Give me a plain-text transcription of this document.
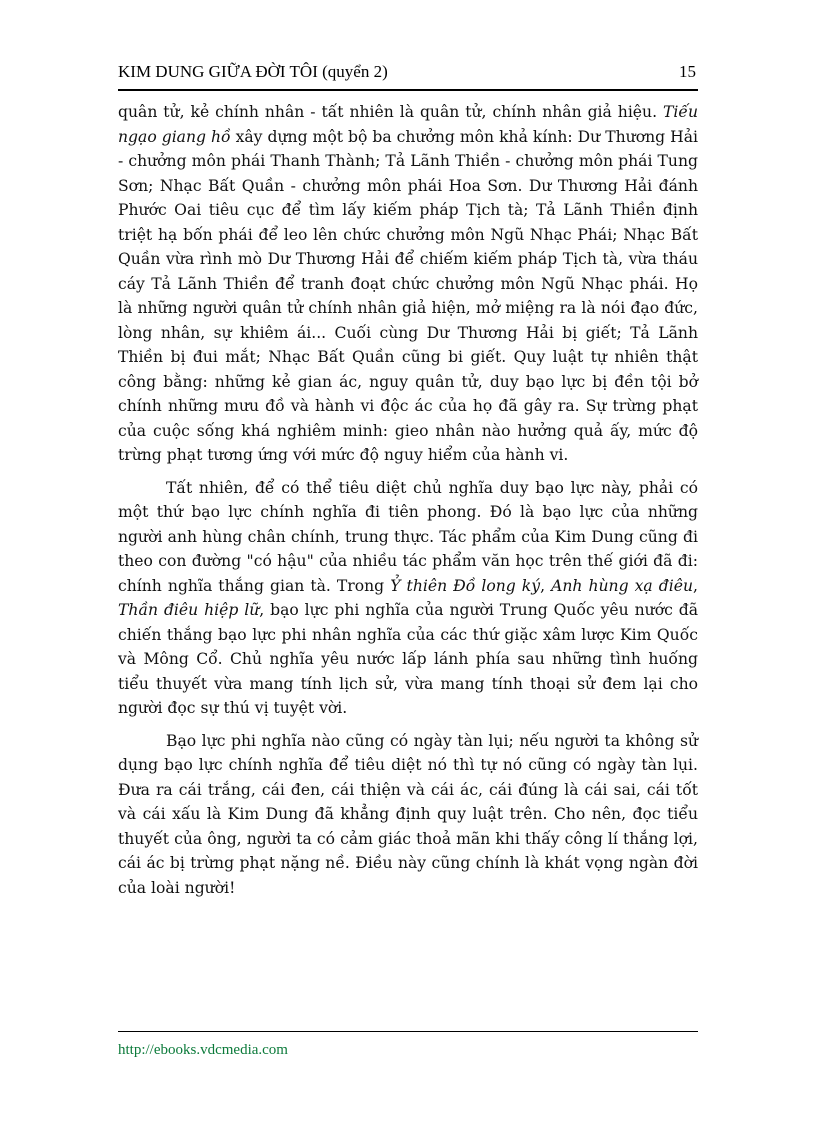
KIM DUNG GIỮA ĐỜI TÔI (quyển 2)	15

quân tử, kẻ chính nhân - tất nhiên là quân tử, chính nhân giả hiệu. Tiếu ngạo giang hồ xây dựng một bộ ba chưởng môn khả kính: Dư Thương Hải - chưởng môn phái Thanh Thành; Tả Lãnh Thiền - chưởng môn phái Tung Sơn; Nhạc Bất Quần - chưởng môn phái Hoa Sơn. Dư Thương Hải đánh Phước Oai tiêu cục để tìm lấy kiếm pháp Tịch tà; Tả Lãnh Thiền định triệt hạ bốn phái để leo lên chức chưởng môn Ngũ Nhạc Phái; Nhạc Bất Quần vừa rình mò Dư Thương Hải để chiếm kiếm pháp Tịch tà, vừa tháu cáy Tả Lãnh Thiền để tranh đoạt chức chưởng môn Ngũ Nhạc phái. Họ là những người quân tử chính nhân giả hiện, mở miệng ra là nói đạo đức, lòng nhân, sự khiêm ái... Cuối cùng Dư Thương Hải bị giết; Tả Lãnh Thiền bị đui mắt; Nhạc Bất Quần cũng bi giết. Quy luật tự nhiên thật công bằng: những kẻ gian ác, nguy quân tử, duy bạo lực bị đền tội bở chính những mưu đồ và hành vi độc ác của họ đã gây ra. Sự trừng phạt của cuộc sống khá nghiêm minh: gieo nhân nào hưởng quả ấy, mức độ trừng phạt tương ứng với mức độ nguy hiểm của hành vi.

Tất nhiên, để có thể tiêu diệt chủ nghĩa duy bạo lực này, phải có một thứ bạo lực chính nghĩa đi tiên phong. Đó là bạo lực của những người anh hùng chân chính, trung thực. Tác phẩm của Kim Dung cũng đi theo con đường "có hậu" của nhiều tác phẩm văn học trên thế giới đã đi: chính nghĩa thắng gian tà. Trong Ỷ thiên Đồ long ký, Anh hùng xạ điêu, Thần điêu hiệp lữ, bạo lực phi nghĩa của người Trung Quốc yêu nước đã chiến thắng bạo lực phi nhân nghĩa của các thứ giặc xâm lược Kim Quốc và Mông Cổ. Chủ nghĩa yêu nước lấp lánh phía sau những tình huống tiểu thuyết vừa mang tính lịch sử, vừa mang tính thoại sử đem lại cho người đọc sự thú vị tuyệt vời.

Bạo lực phi nghĩa nào cũng có ngày tàn lụi; nếu người ta không sử dụng bạo lực chính nghĩa để tiêu diệt nó thì tự nó cũng có ngày tàn lụi. Đưa ra cái trắng, cái đen, cái thiện và cái ác, cái đúng là cái sai, cái tốt và cái xấu là Kim Dung đã khẳng định quy luật trên. Cho nên, đọc tiểu thuyết của ông, người ta có cảm giác thoả mãn khi thấy công lí thắng lợi, cái ác bị trừng phạt nặng nề. Điều này cũng chính là khát vọng ngàn đời của loài người!

http://ebooks.vdcmedia.com
